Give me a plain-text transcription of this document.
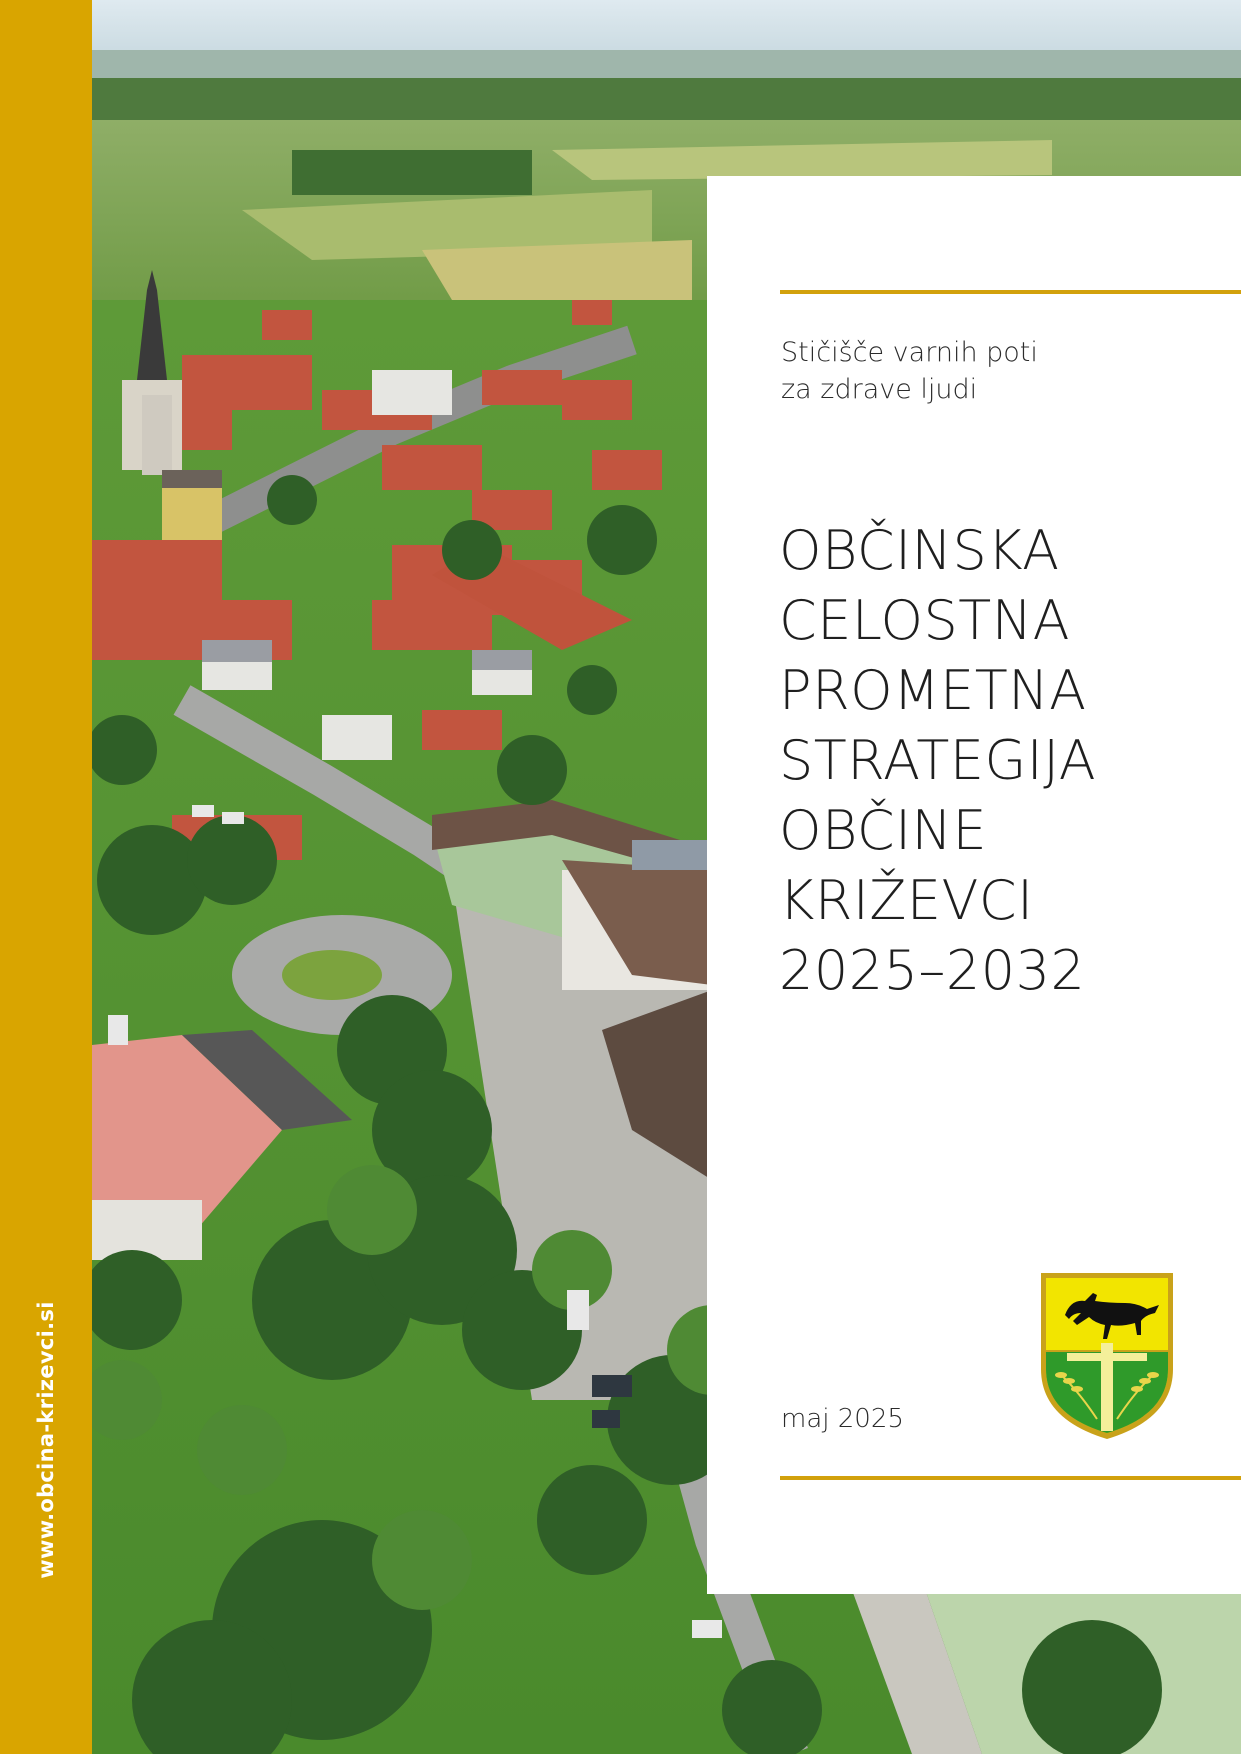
www.obcina-krizevci.si
Stičišče varnih poti
za zdrave ljudi
OBČINSKA
CELOSTNA
PROMETNA
STRATEGIJA
OBČINE
KRIŽEVCI
2025–2032
maj 2025
